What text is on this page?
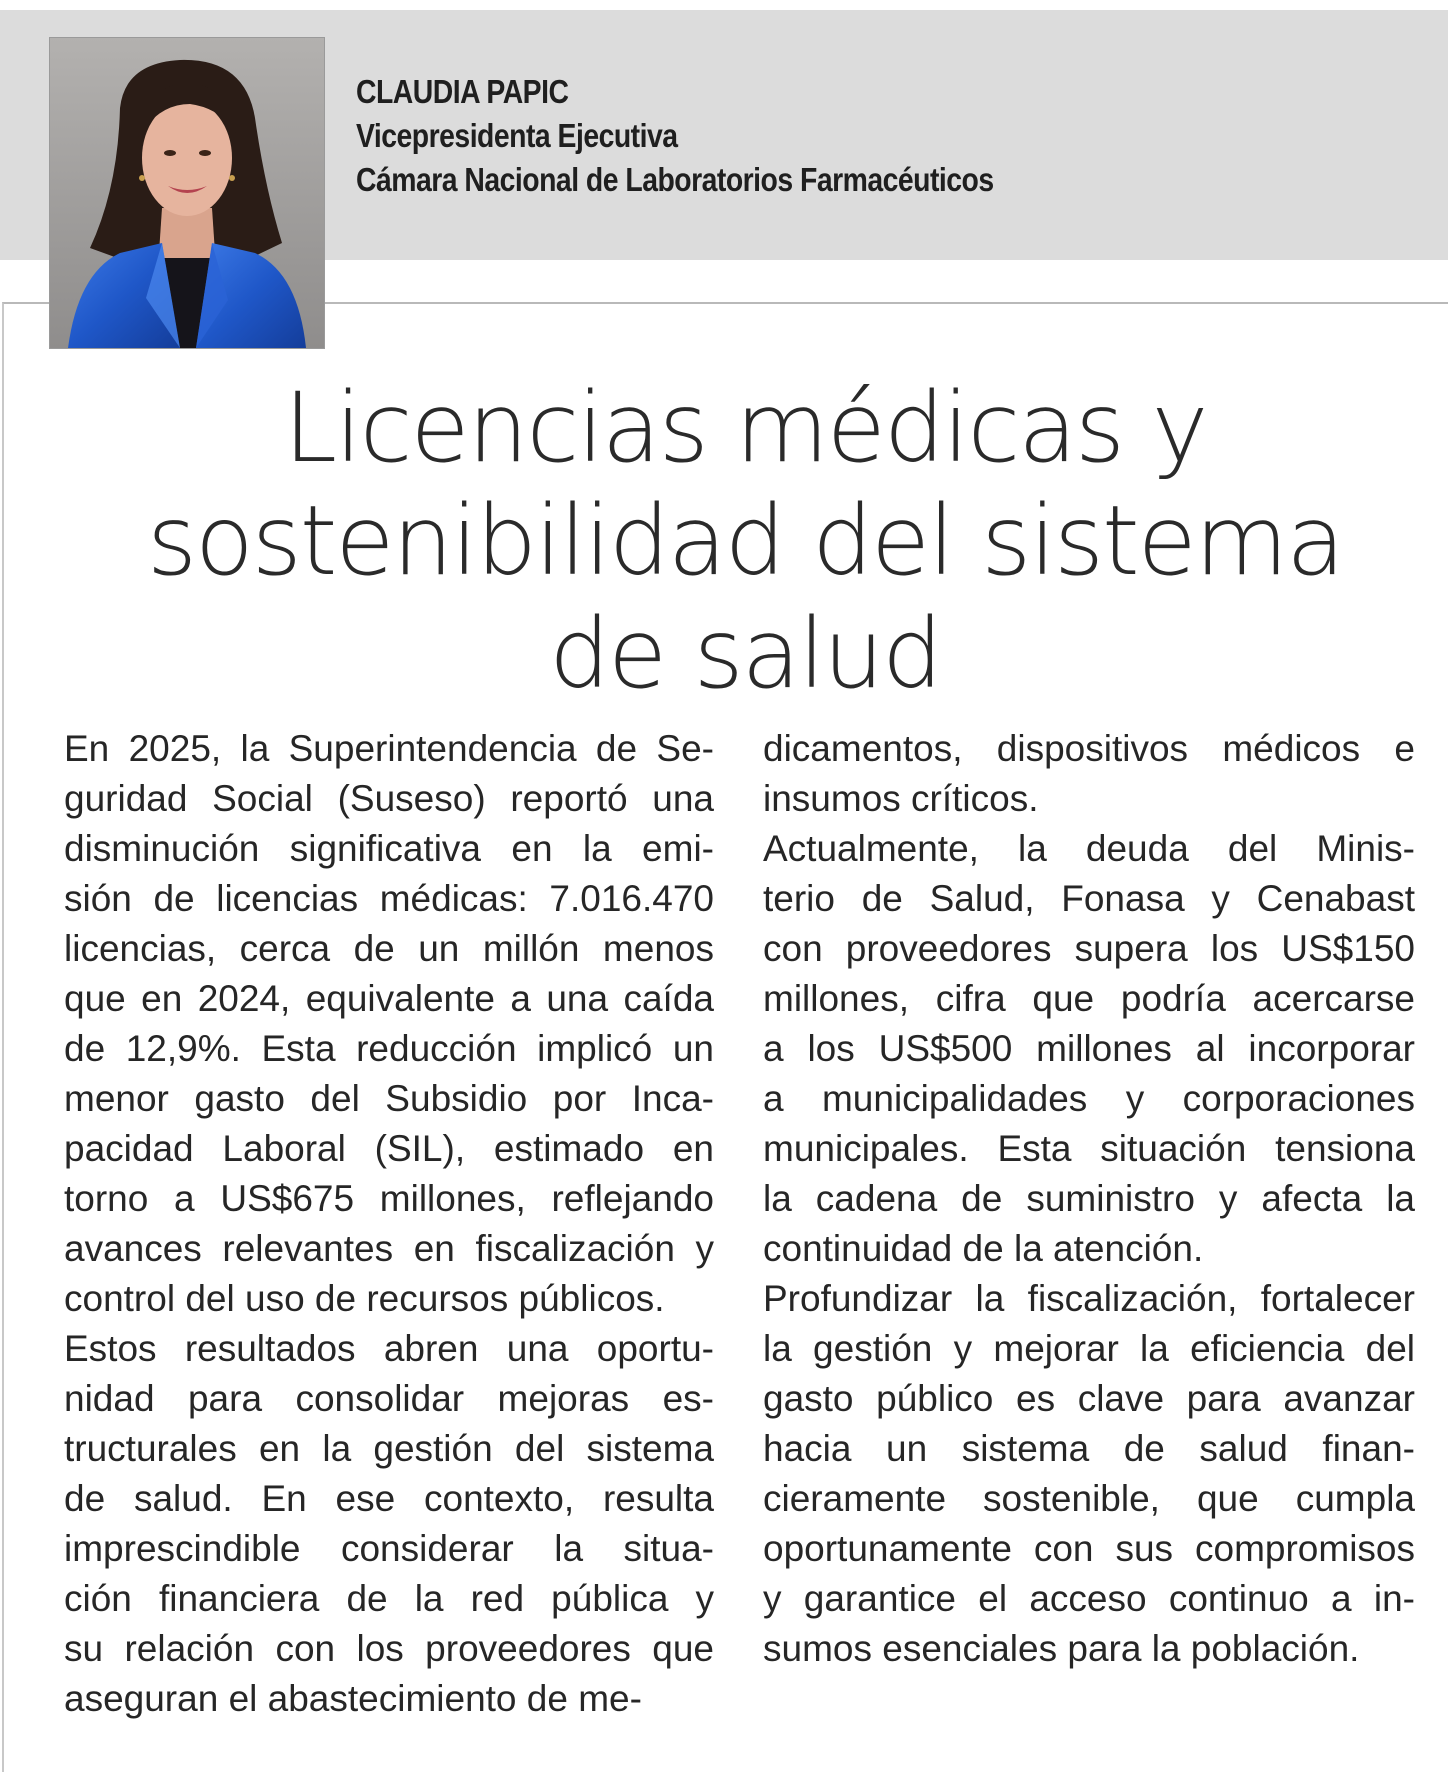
CLAUDIA PAPIC
Vicepresidenta Ejecutiva
Cámara Nacional de Laboratorios Farmacéuticos
Licencias médicas y
sostenibilidad del sistema
de salud
En 2025, la Superintendencia de Se-
guridad Social (Suseso) reportó una
disminución significativa en la emi-
sión de licencias médicas: 7.016.470
licencias, cerca de un millón menos
que en 2024, equivalente a una caída
de 12,9%. Esta reducción implicó un
menor gasto del Subsidio por Inca-
pacidad Laboral (SIL), estimado en
torno a US$675 millones, reflejando
avances relevantes en fiscalización y
control del uso de recursos públicos.
Estos resultados abren una oportu-
nidad para consolidar mejoras es-
tructurales en la gestión del sistema
de salud. En ese contexto, resulta
imprescindible considerar la situa-
ción financiera de la red pública y
su relación con los proveedores que
aseguran el abastecimiento de me-
dicamentos, dispositivos médicos e
insumos críticos.
Actualmente, la deuda del Minis-
terio de Salud, Fonasa y Cenabast
con proveedores supera los US$150
millones, cifra que podría acercarse
a los US$500 millones al incorporar
a municipalidades y corporaciones
municipales. Esta situación tensiona
la cadena de suministro y afecta la
continuidad de la atención.
Profundizar la fiscalización, fortalecer
la gestión y mejorar la eficiencia del
gasto público es clave para avanzar
hacia un sistema de salud finan-
cieramente sostenible, que cumpla
oportunamente con sus compromisos
y garantice el acceso continuo a in-
sumos esenciales para la población.
